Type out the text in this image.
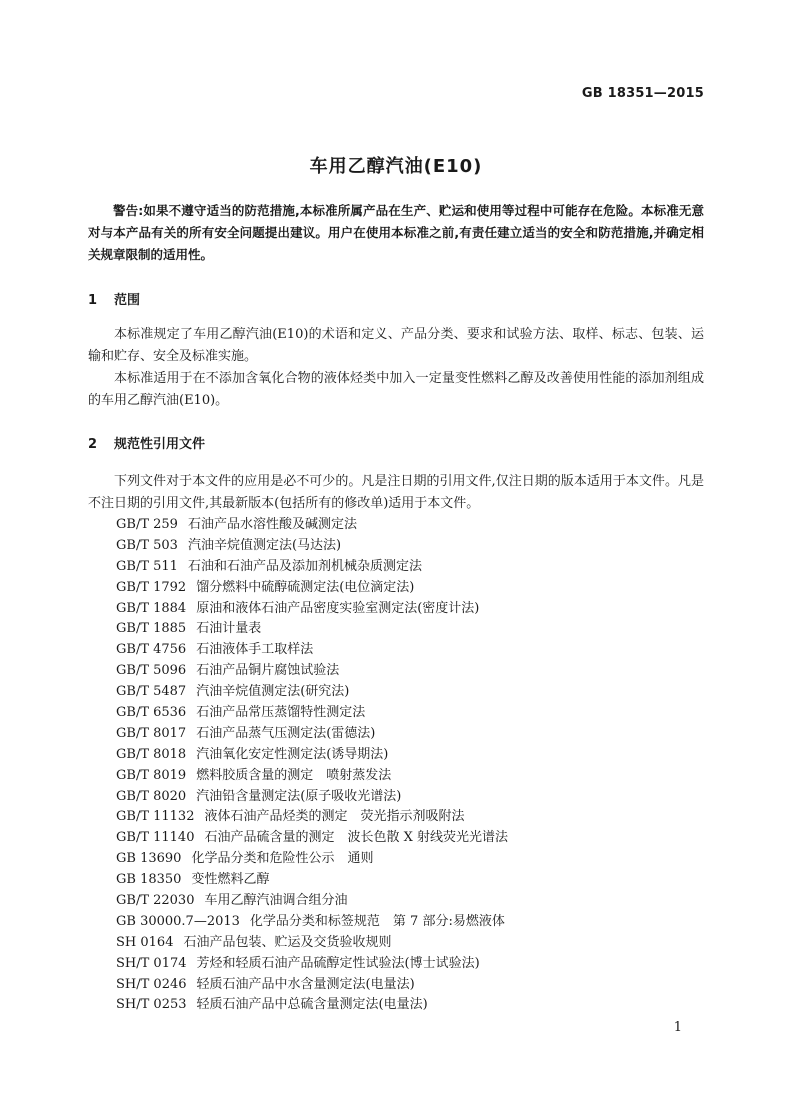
GB 18351—2015
车用乙醇汽油(E10)
警告:如果不遵守适当的防范措施,本标准所属产品在生产、贮运和使用等过程中可能存在危险。本标准无意对与本产品有关的所有安全问题提出建议。用户在使用本标准之前,有责任建立适当的安全和防范措施,并确定相关规章限制的适用性。
1 范围
本标准规定了车用乙醇汽油(E10)的术语和定义、产品分类、要求和试验方法、取样、标志、包装、运输和贮存、安全及标准实施。
本标准适用于在不添加含氧化合物的液体烃类中加入一定量变性燃料乙醇及改善使用性能的添加剂组成的车用乙醇汽油(E10)。
2 规范性引用文件
下列文件对于本文件的应用是必不可少的。凡是注日期的引用文件,仅注日期的版本适用于本文件。凡是不注日期的引用文件,其最新版本(包括所有的修改单)适用于本文件。
GB/T 259 石油产品水溶性酸及碱测定法
GB/T 503 汽油辛烷值测定法(马达法)
GB/T 511 石油和石油产品及添加剂机械杂质测定法
GB/T 1792 馏分燃料中硫醇硫测定法(电位滴定法)
GB/T 1884 原油和液体石油产品密度实验室测定法(密度计法)
GB/T 1885 石油计量表
GB/T 4756 石油液体手工取样法
GB/T 5096 石油产品铜片腐蚀试验法
GB/T 5487 汽油辛烷值测定法(研究法)
GB/T 6536 石油产品常压蒸馏特性测定法
GB/T 8017 石油产品蒸气压测定法(雷德法)
GB/T 8018 汽油氧化安定性测定法(诱导期法)
GB/T 8019 燃料胶质含量的测定　喷射蒸发法
GB/T 8020 汽油铅含量测定法(原子吸收光谱法)
GB/T 11132 液体石油产品烃类的测定　荧光指示剂吸附法
GB/T 11140 石油产品硫含量的测定　波长色散 X 射线荧光光谱法
GB 13690 化学品分类和危险性公示　通则
GB 18350 变性燃料乙醇
GB/T 22030 车用乙醇汽油调合组分油
GB 30000.7—2013 化学品分类和标签规范　第 7 部分:易燃液体
SH 0164 石油产品包装、贮运及交货验收规则
SH/T 0174 芳烃和轻质石油产品硫醇定性试验法(博士试验法)
SH/T 0246 轻质石油产品中水含量测定法(电量法)
SH/T 0253 轻质石油产品中总硫含量测定法(电量法)
1
